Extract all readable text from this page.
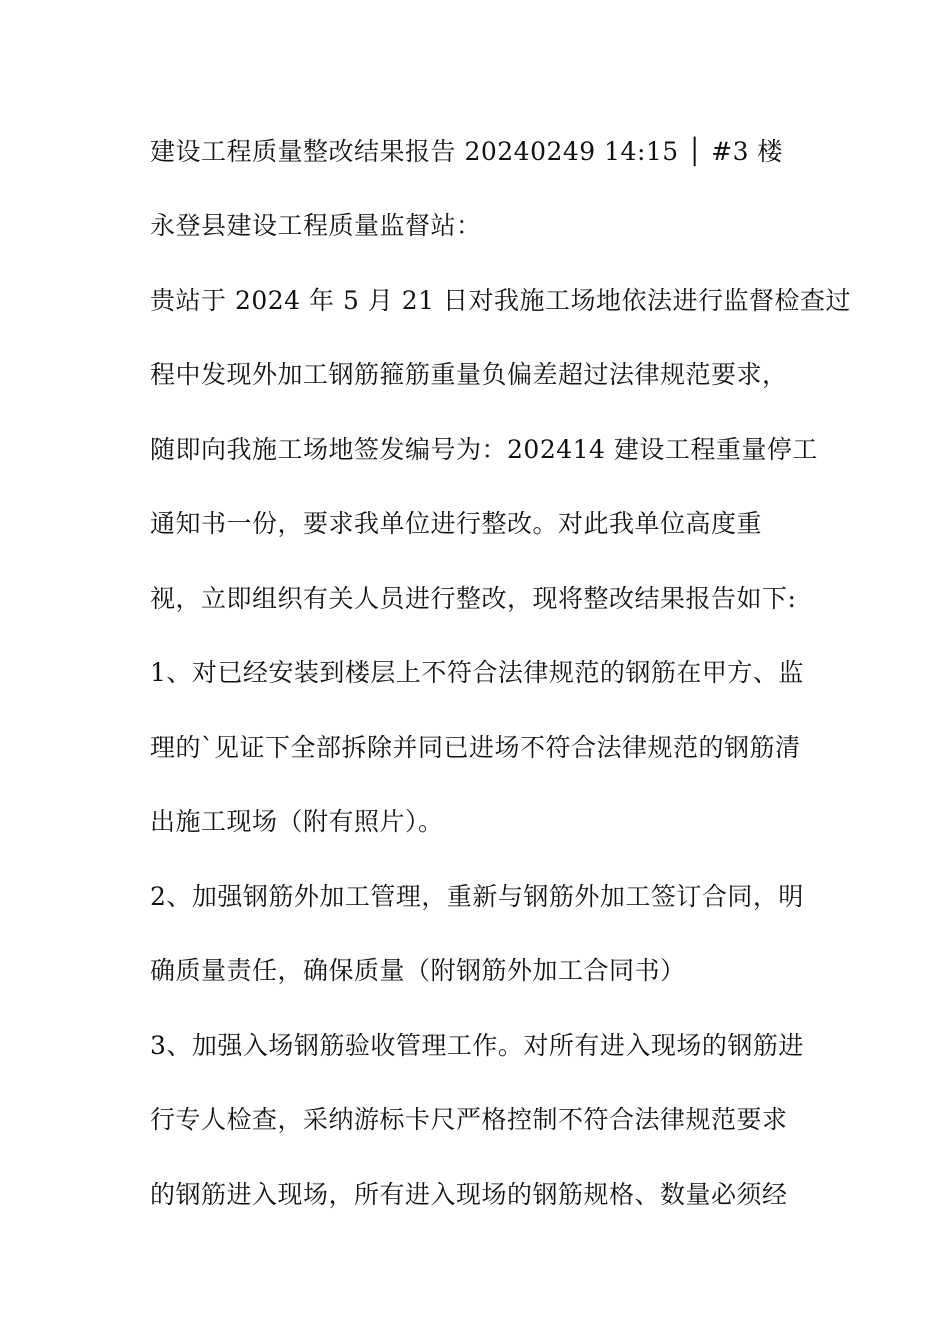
建设工程质量整改结果报告 20240249 14:15 │ #3 楼
永登县建设工程质量监督站：
贵站于 2024 年 5 月 21 日对我施工场地依法进行监督检查过
程中发现外加工钢筋箍筋重量负偏差超过法律规范要求，
随即向我施工场地签发编号为：202414 建设工程重量停工
通知书一份，要求我单位进行整改。对此我单位高度重
视，立即组织有关人员进行整改，现将整改结果报告如下:
1、对已经安装到楼层上不符合法律规范的钢筋在甲方、监
理的`见证下全部拆除并同已进场不符合法律规范的钢筋清
出施工现场（附有照片）。
2、加强钢筋外加工管理，重新与钢筋外加工签订合同，明
确质量责任，确保质量（附钢筋外加工合同书）
3、加强入场钢筋验收管理工作。对所有进入现场的钢筋进
行专人检查，采纳游标卡尺严格控制不符合法律规范要求
的钢筋进入现场，所有进入现场的钢筋规格、数量必须经
